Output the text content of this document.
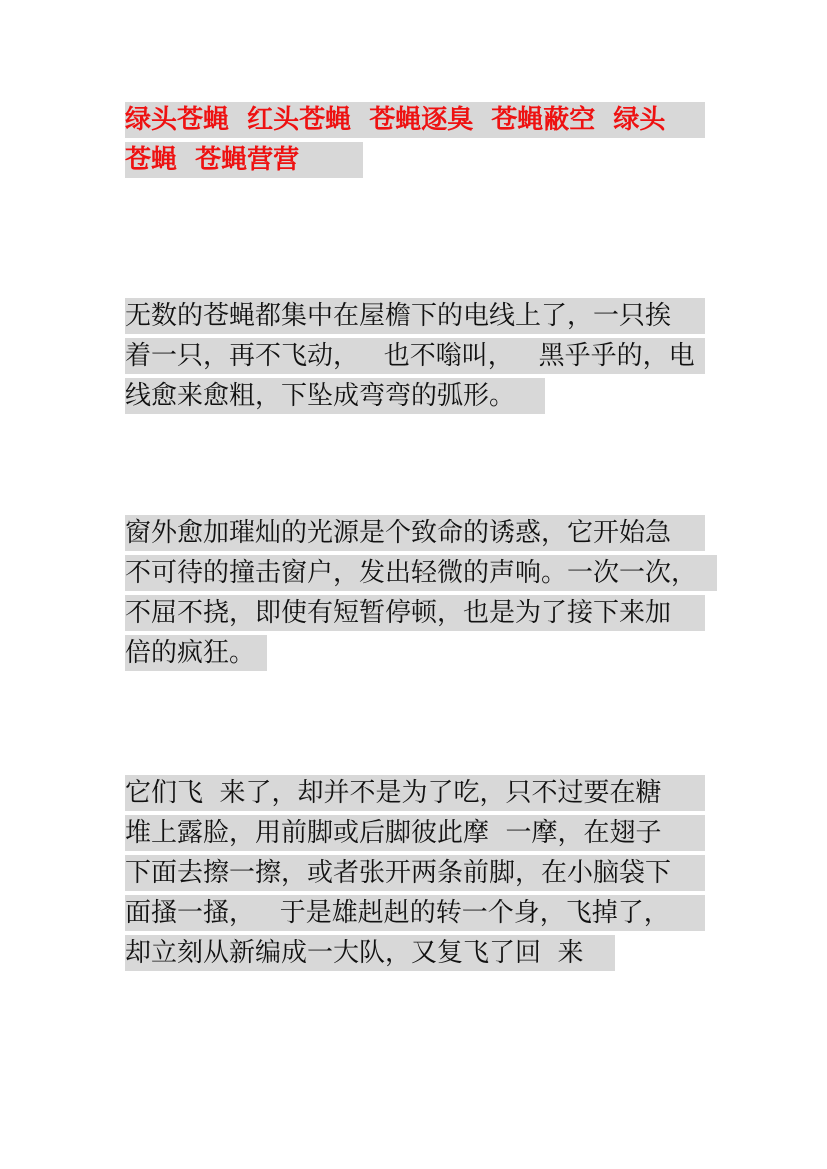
绿头苍蝇  红头苍蝇  苍蝇逐臭  苍蝇蔽空  绿头
苍蝇  苍蝇营营
无数的苍蝇都集中在屋檐下的电线上了，一只挨
着一只，再不飞动，   也不嗡叫，   黑乎乎的，电
线愈来愈粗，下坠成弯弯的弧形。
窗外愈加璀灿的光源是个致命的诱惑，它开始急
不可待的撞击窗户，发出轻微的声响。一次一次，
不屈不挠，即使有短暂停顿，也是为了接下来加
倍的疯狂。
它们飞  来了，却并不是为了吃，只不过要在糖
堆上露脸，用前脚或后脚彼此摩  一摩，在翅子
下面去擦一擦，或者张开两条前脚，在小脑袋下
面搔一搔，   于是雄赳赳的转一个身，飞掉了，
却立刻从新编成一大队，又复飞了回  来
